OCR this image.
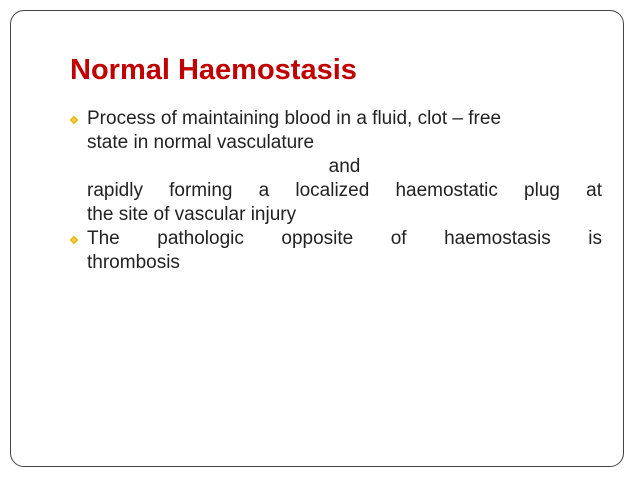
Normal Haemostasis

Process of maintaining blood in a fluid, clot – free

state in normal vasculature

and

rapidly forming a localized haemostatic plug at

the site of vascular injury

The pathologic opposite of haemostasis is

thrombosis
